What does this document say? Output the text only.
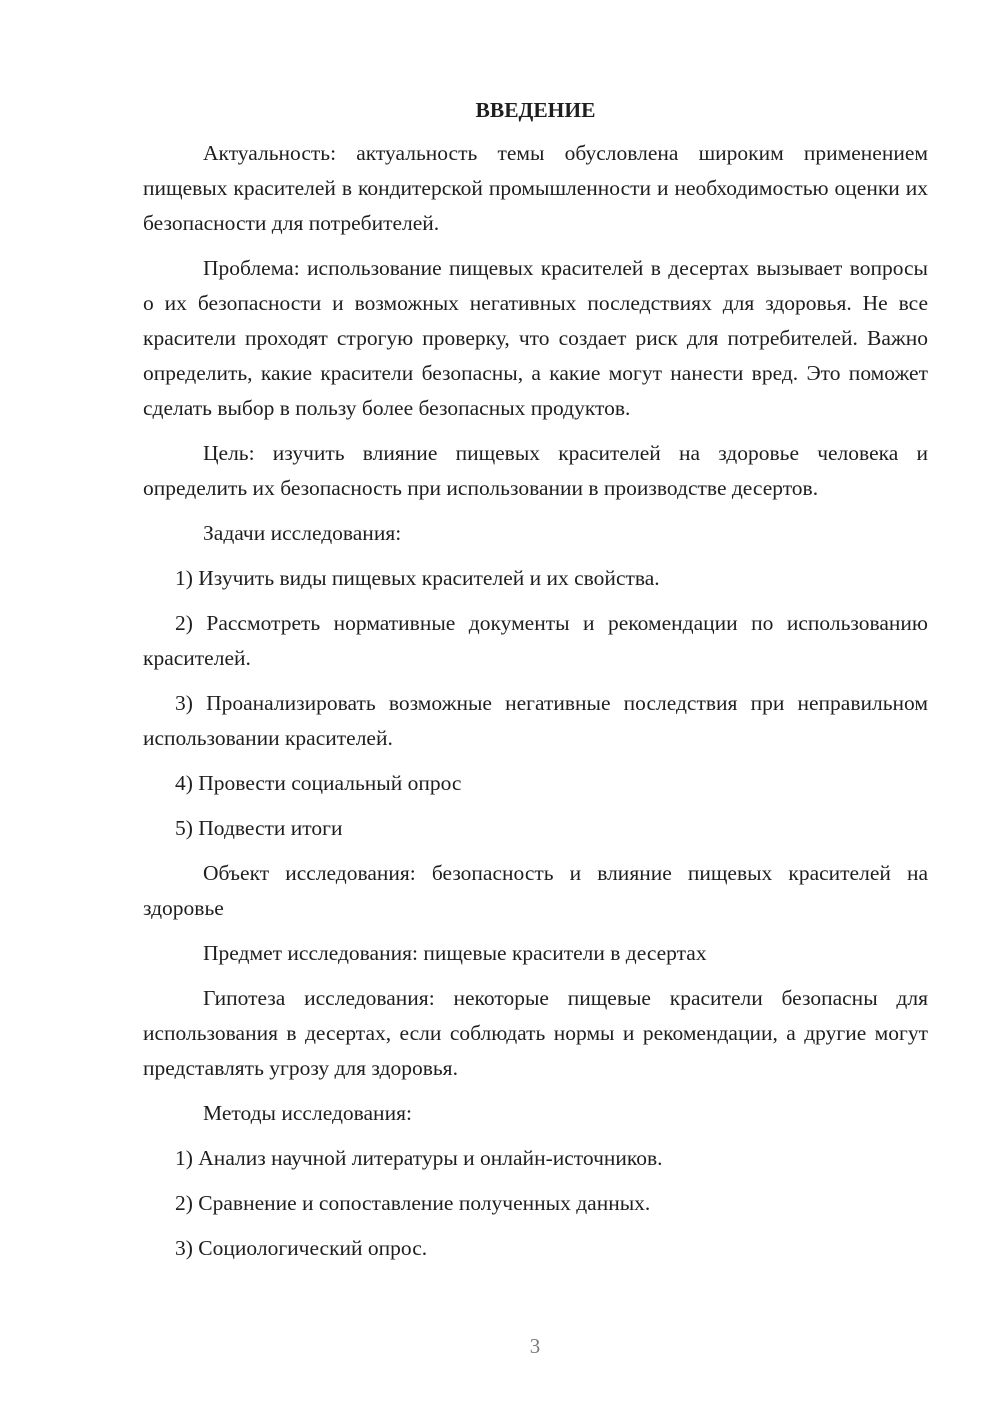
ВВЕДЕНИЕ

Актуальность: актуальность темы обусловлена широким применением пищевых красителей в кондитерской промышленности и необходимостью оценки их безопасности для потребителей.

Проблема: использование пищевых красителей в десертах вызывает вопросы о их безопасности и возможных негативных последствиях для здоровья. Не все красители проходят строгую проверку, что создает риск для потребителей. Важно определить, какие красители безопасны, а какие могут нанести вред. Это поможет сделать выбор в пользу более безопасных продуктов.

Цель: изучить влияние пищевых красителей на здоровье человека и определить их безопасность при использовании в производстве десертов.

Задачи исследования:

1) Изучить виды пищевых красителей и их свойства.

2) Рассмотреть нормативные документы и рекомендации по использованию красителей.

3) Проанализировать возможные негативные последствия при неправильном использовании красителей.

4) Провести социальный опрос

5) Подвести итоги

Объект исследования: безопасность и влияние пищевых красителей на здоровье

Предмет исследования: пищевые красители в десертах

Гипотеза исследования: некоторые пищевые красители безопасны для использования в десертах, если соблюдать нормы и рекомендации, а другие могут представлять угрозу для здоровья.

Методы исследования:

1) Анализ научной литературы и онлайн-источников.

2) Сравнение и сопоставление полученных данных.

3) Социологический опрос.

3
